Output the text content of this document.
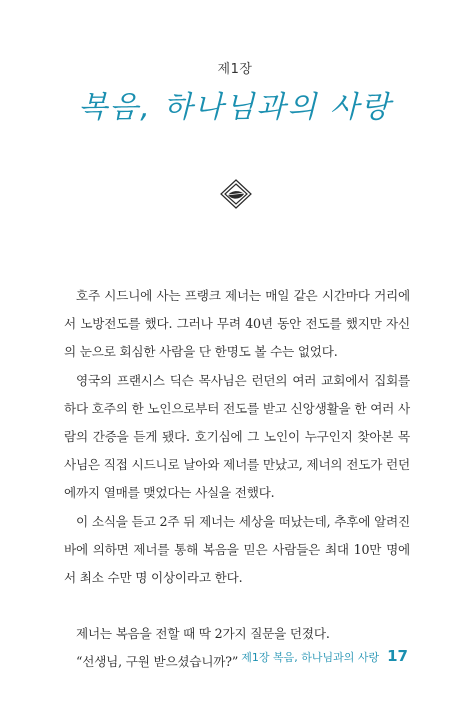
제1장
복음, 하나님과의 사랑

호주 시드니에 사는 프랭크 제너는 매일 같은 시간마다 거리에서 노방전도를 했다. 그러나 무려 40년 동안 전도를 했지만 자신의 눈으로 회심한 사람을 단 한명도 볼 수는 없었다.

영국의 프랜시스 딕슨 목사님은 런던의 여러 교회에서 집회를 하다 호주의 한 노인으로부터 전도를 받고 신앙생활을 한 여러 사람의 간증을 듣게 됐다. 호기심에 그 노인이 누구인지 찾아본 목사님은 직접 시드니로 날아와 제너를 만났고, 제너의 전도가 런던에까지 열매를 맺었다는 사실을 전했다.

이 소식을 듣고 2주 뒤 제너는 세상을 떠났는데, 추후에 알려진 바에 의하면 제너를 통해 복음을 믿은 사람들은 최대 10만 명에서 최소 수만 명 이상이라고 한다.

제너는 복음을 전할 때 딱 2가지 질문을 던졌다.

“선생님, 구원 받으셨습니까?” 제1장 복음, 하나님과의 사랑 17
